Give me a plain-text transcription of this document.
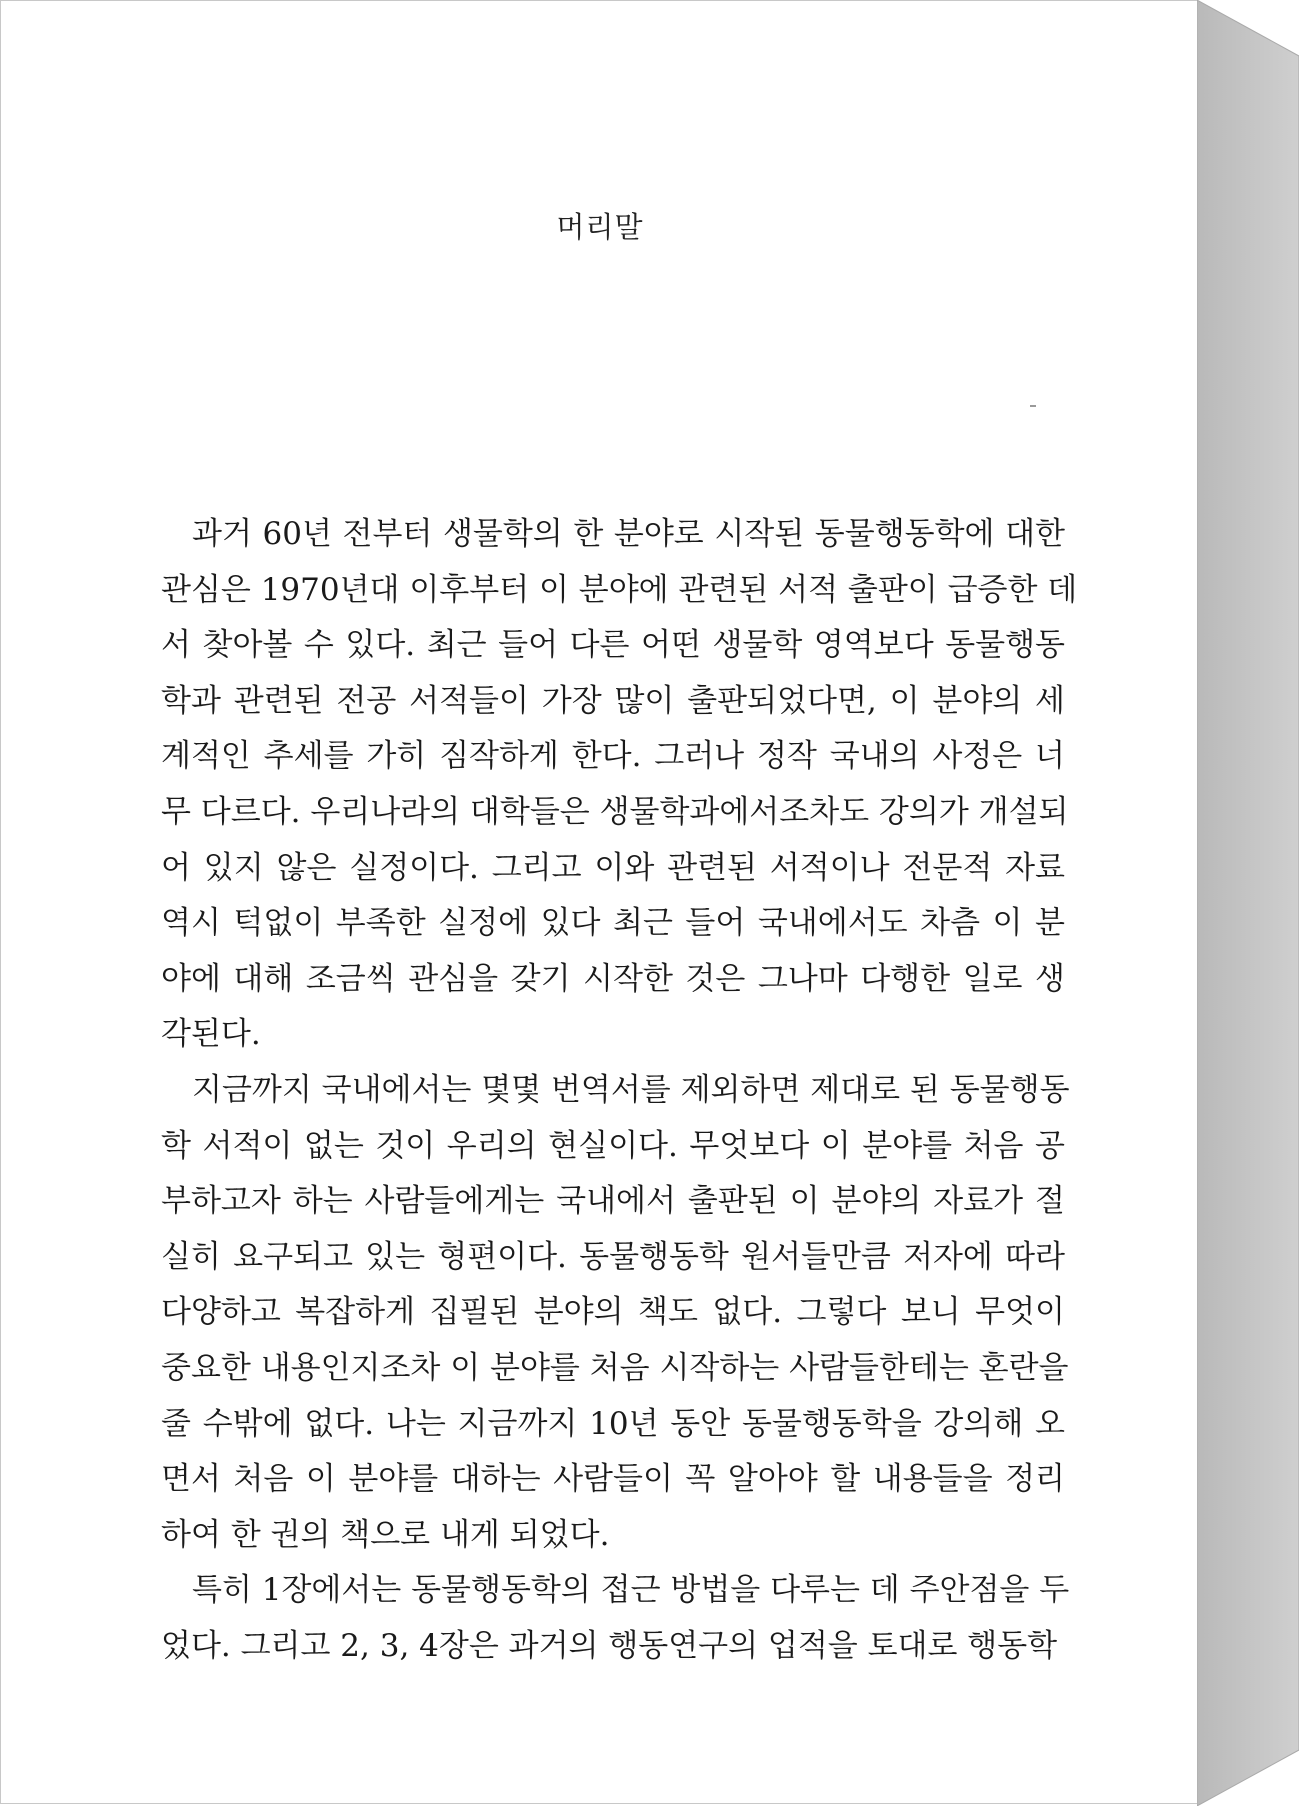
머리말
과거 60년 전부터 생물학의 한 분야로 시작된 동물행동학에 대한
관심은 1970년대 이후부터 이 분야에 관련된 서적 출판이 급증한 데
서 찾아볼 수 있다. 최근 들어 다른 어떤 생물학 영역보다 동물행동
학과 관련된 전공 서적들이 가장 많이 출판되었다면, 이 분야의 세
계적인 추세를 가히 짐작하게 한다. 그러나 정작 국내의 사정은 너
무 다르다. 우리나라의 대학들은 생물학과에서조차도 강의가 개설되
어 있지 않은 실정이다. 그리고 이와 관련된 서적이나 전문적 자료
역시 턱없이 부족한 실정에 있다 최근 들어 국내에서도 차츰 이 분
야에 대해 조금씩 관심을 갖기 시작한 것은 그나마 다행한 일로 생
각된다.
지금까지 국내에서는 몇몇 번역서를 제외하면 제대로 된 동물행동
학 서적이 없는 것이 우리의 현실이다. 무엇보다 이 분야를 처음 공
부하고자 하는 사람들에게는 국내에서 출판된 이 분야의 자료가 절
실히 요구되고 있는 형편이다. 동물행동학 원서들만큼 저자에 따라
다양하고 복잡하게 집필된 분야의 책도 없다. 그렇다 보니 무엇이
중요한 내용인지조차 이 분야를 처음 시작하는 사람들한테는 혼란을
줄 수밖에 없다. 나는 지금까지 10년 동안 동물행동학을 강의해 오
면서 처음 이 분야를 대하는 사람들이 꼭 알아야 할 내용들을 정리
하여 한 권의 책으로 내게 되었다.
특히 1장에서는 동물행동학의 접근 방법을 다루는 데 주안점을 두
었다. 그리고 2, 3, 4장은 과거의 행동연구의 업적을 토대로 행동학
